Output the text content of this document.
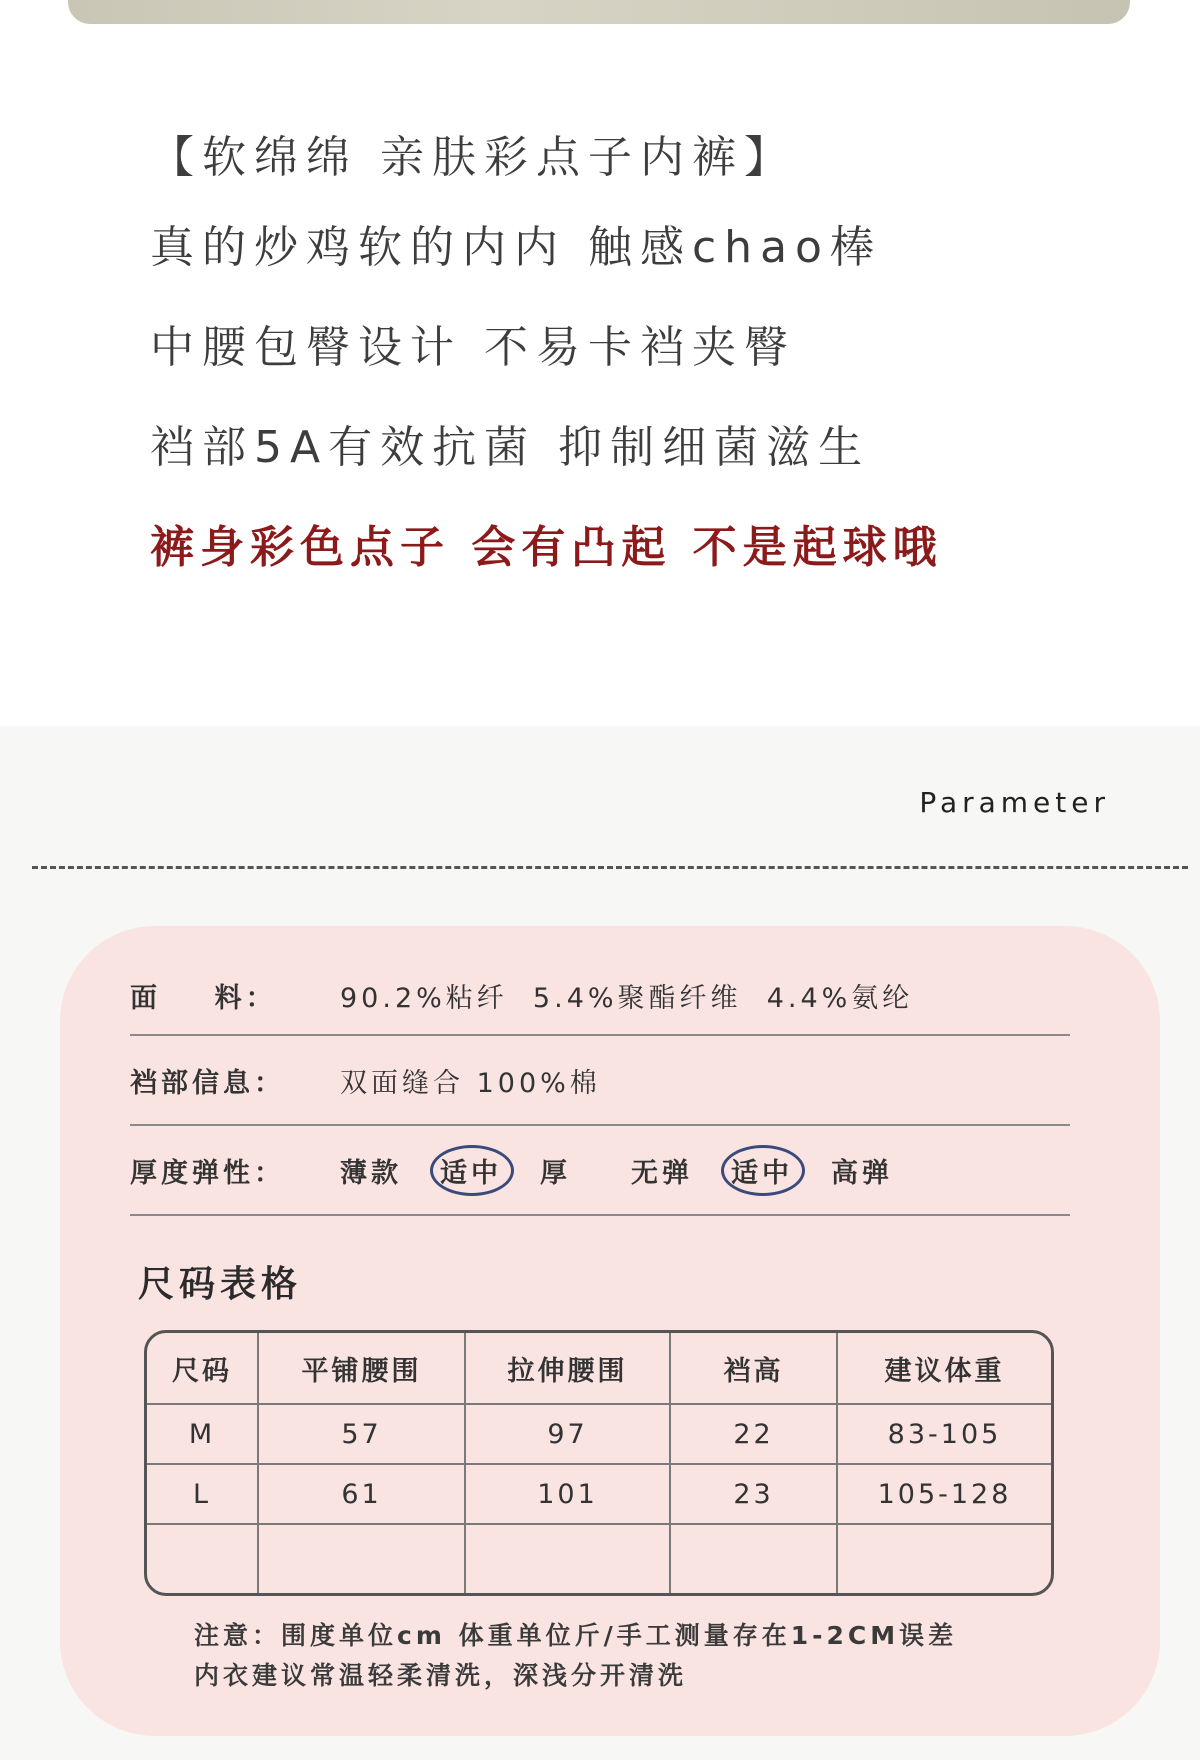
【软绵绵 亲肤彩点子内裤】
真的炒鸡软的内内 触感chao棒
中腰包臀设计 不易卡裆夹臀
裆部5A有效抗菌 抑制细菌滋生
裤身彩色点子 会有凸起 不是起球哦
Parameter
面    料：	90.2%粘纤  5.4%聚酯纤维  4.4%氨纶
裆部信息：	双面缝合 100%棉
厚度弹性：	薄款 适中 厚 无弹 适中 高弹
尺码表格
尺码	平铺腰围	拉伸腰围	裆高	建议体重
M	57	97	22	83-105
L	61	101	23	105-128
注意：围度单位cm 体重单位斤/手工测量存在1-2CM误差
内衣建议常温轻柔清洗，深浅分开清洗
